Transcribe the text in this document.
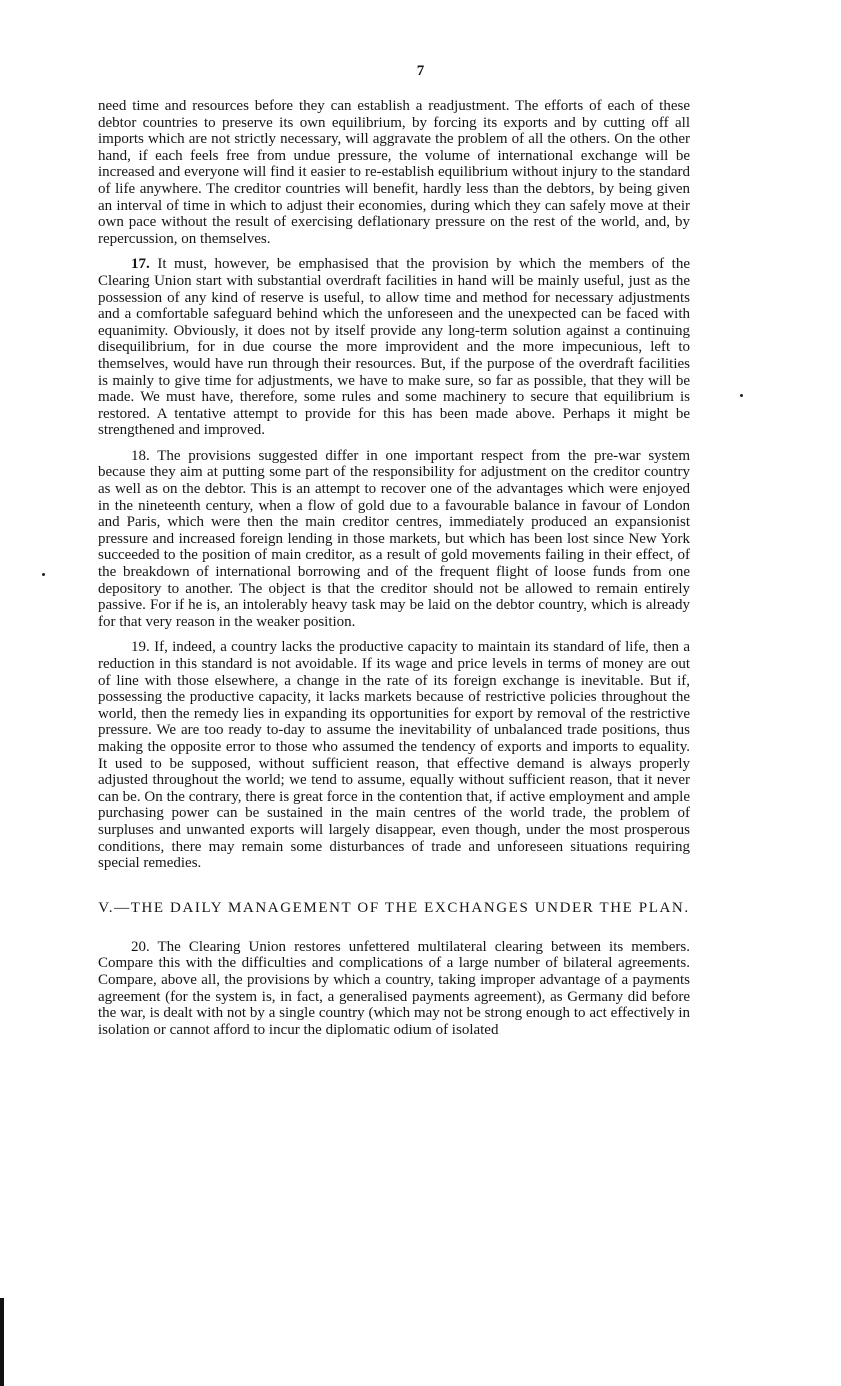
7

need time and resources before they can establish a readjustment. The efforts of each of these debtor countries to preserve its own equilibrium, by forcing its exports and by cutting off all imports which are not strictly necessary, will aggravate the problem of all the others. On the other hand, if each feels free from undue pressure, the volume of international exchange will be increased and everyone will find it easier to re-establish equilibrium without injury to the standard of life anywhere. The creditor countries will benefit, hardly less than the debtors, by being given an interval of time in which to adjust their economies, during which they can safely move at their own pace without the result of exercising deflationary pressure on the rest of the world, and, by repercussion, on themselves.

17. It must, however, be emphasised that the provision by which the members of the Clearing Union start with substantial overdraft facilities in hand will be mainly useful, just as the possession of any kind of reserve is useful, to allow time and method for necessary adjustments and a comfortable safeguard behind which the unforeseen and the unexpected can be faced with equanimity. Obviously, it does not by itself provide any long-term solution against a continuing disequilibrium, for in due course the more improvident and the more impecunious, left to themselves, would have run through their resources. But, if the purpose of the overdraft facilities is mainly to give time for adjustments, we have to make sure, so far as possible, that they will be made. We must have, therefore, some rules and some machinery to secure that equilibrium is restored. A tentative attempt to provide for this has been made above. Perhaps it might be strengthened and improved.

18. The provisions suggested differ in one important respect from the pre-war system because they aim at putting some part of the responsibility for adjustment on the creditor country as well as on the debtor. This is an attempt to recover one of the advantages which were enjoyed in the nineteenth century, when a flow of gold due to a favourable balance in favour of London and Paris, which were then the main creditor centres, immediately produced an expansionist pressure and increased foreign lending in those markets, but which has been lost since New York succeeded to the position of main creditor, as a result of gold movements failing in their effect, of the breakdown of international borrowing and of the frequent flight of loose funds from one depository to another. The object is that the creditor should not be allowed to remain entirely passive. For if he is, an intolerably heavy task may be laid on the debtor country, which is already for that very reason in the weaker position.

19. If, indeed, a country lacks the productive capacity to maintain its standard of life, then a reduction in this standard is not avoidable. If its wage and price levels in terms of money are out of line with those elsewhere, a change in the rate of its foreign exchange is inevitable. But if, possessing the productive capacity, it lacks markets because of restrictive policies throughout the world, then the remedy lies in expanding its opportunities for export by removal of the restrictive pressure. We are too ready to-day to assume the inevitability of unbalanced trade positions, thus making the opposite error to those who assumed the tendency of exports and imports to equality. It used to be supposed, without sufficient reason, that effective demand is always properly adjusted throughout the world; we tend to assume, equally without sufficient reason, that it never can be. On the contrary, there is great force in the contention that, if active employment and ample purchasing power can be sustained in the main centres of the world trade, the problem of surpluses and unwanted exports will largely disappear, even though, under the most prosperous conditions, there may remain some disturbances of trade and unforeseen situations requiring special remedies.

V.—THE DAILY MANAGEMENT OF THE EXCHANGES UNDER THE PLAN.

20. The Clearing Union restores unfettered multilateral clearing between its members. Compare this with the difficulties and complications of a large number of bilateral agreements. Compare, above all, the provisions by which a country, taking improper advantage of a payments agreement (for the system is, in fact, a generalised payments agreement), as Germany did before the war, is dealt with not by a single country (which may not be strong enough to act effectively in isolation or cannot afford to incur the diplomatic odium of isolated
